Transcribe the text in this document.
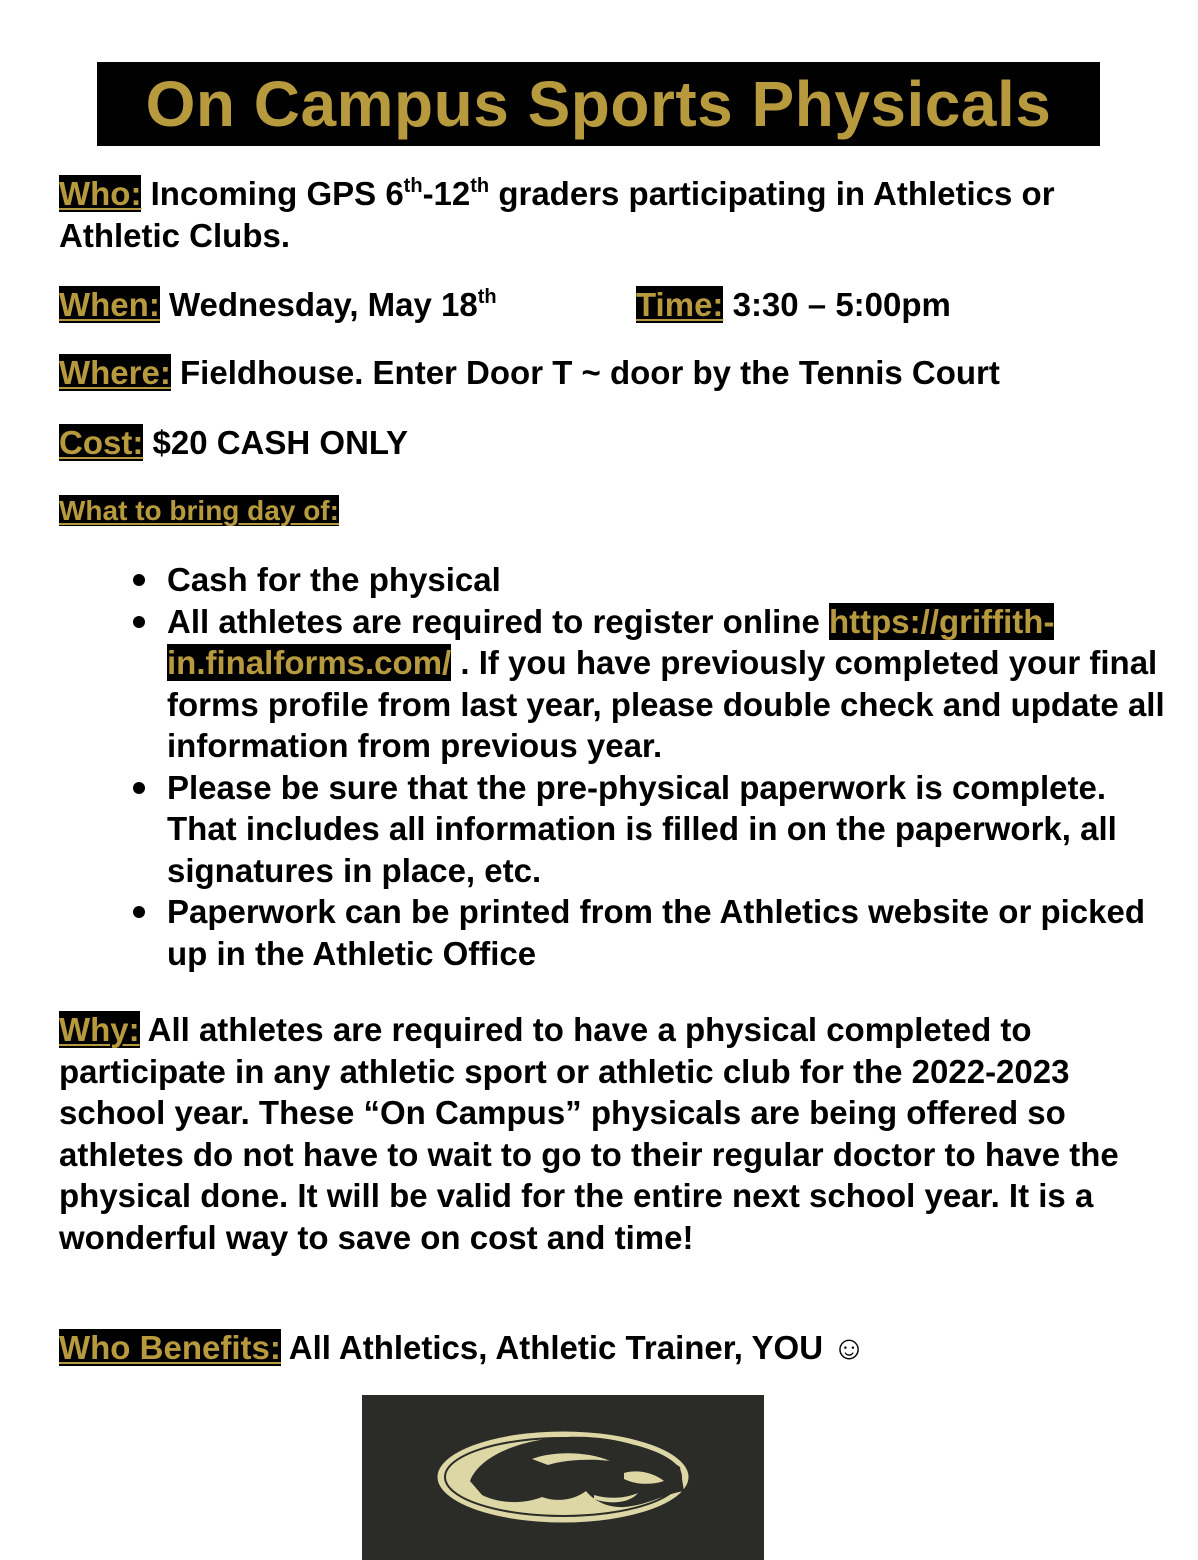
On Campus Sports Physicals
Who: Incoming GPS 6th-12th graders participating in Athletics or
Athletic Clubs.
When: Wednesday, May 18th	Time: 3:30 – 5:00pm
Where: Fieldhouse. Enter Door T ~ door by the Tennis Court
Cost: $20 CASH ONLY
What to bring day of:
Cash for the physical
All athletes are required to register online https://griffith-in.finalforms.com/ . If you have previously completed your final forms profile from last year, please double check and update all information from previous year.
Please be sure that the pre-physical paperwork is complete. That includes all information is filled in on the paperwork, all signatures in place, etc.
Paperwork can be printed from the Athletics website or picked up in the Athletic Office
Why: All athletes are required to have a physical completed to participate in any athletic sport or athletic club for the 2022-2023 school year. These “On Campus” physicals are being offered so athletes do not have to wait to go to their regular doctor to have the physical done. It will be valid for the entire next school year. It is a wonderful way to save on cost and time!
Who Benefits: All Athletics, Athletic Trainer, YOU ☺
